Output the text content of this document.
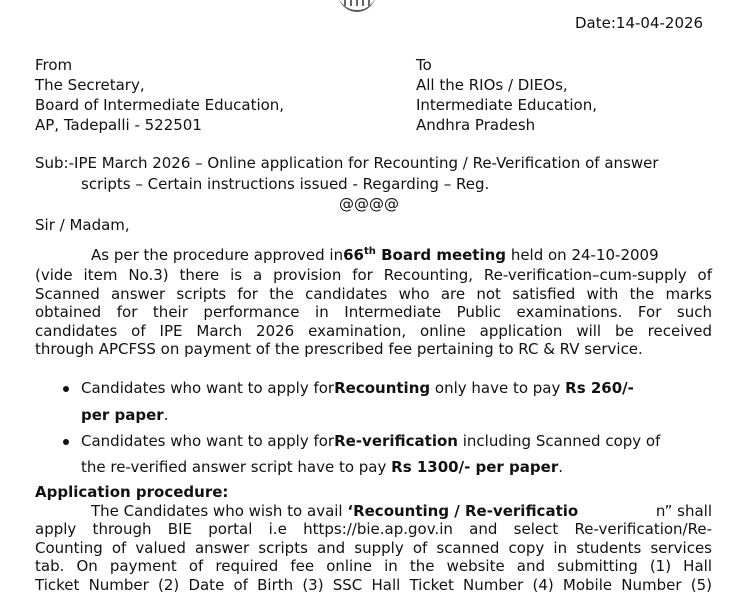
Date:14-04-2026
From
The Secretary,
Board of Intermediate Education,
AP, Tadepalli - 522501
To
All the RIOs / DIEOs,
Intermediate Education,
Andhra Pradesh
Sub:-IPE March 2026 – Online application for Recounting / Re-Verification of answer
scripts – Certain instructions issued - Regarding – Reg.
@@@@
Sir / Madam,
As per the procedure approved in66th Board meeting held on 24-10-2009
(vide item No.3) there is a provision for Recounting, Re-verification–cum-supply of
Scanned answer scripts for the candidates who are not satisfied with the marks
obtained for their performance in Intermediate Public examinations. For such
candidates of IPE March 2026 examination, online application will be received
through APCFSS on payment of the prescribed fee pertaining to RC & RV service.
Candidates who want to apply forRecounting only have to pay Rs 260/-
per paper.
Candidates who want to apply forRe-verification including Scanned copy of
the re-verified answer script have to pay Rs 1300/- per paper.
Application procedure:
The Candidates who wish to avail ‘Recounting / Re-verificatio	n” shall
apply through BIE portal i.e https://bie.ap.gov.in and select Re-verification/Re-
Counting of valued answer scripts and supply of scanned copy in students services
tab. On payment of required fee online in the website and submitting (1) Hall
Ticket Number (2) Date of Birth (3) SSC Hall Ticket Number (4) Mobile Number (5)
